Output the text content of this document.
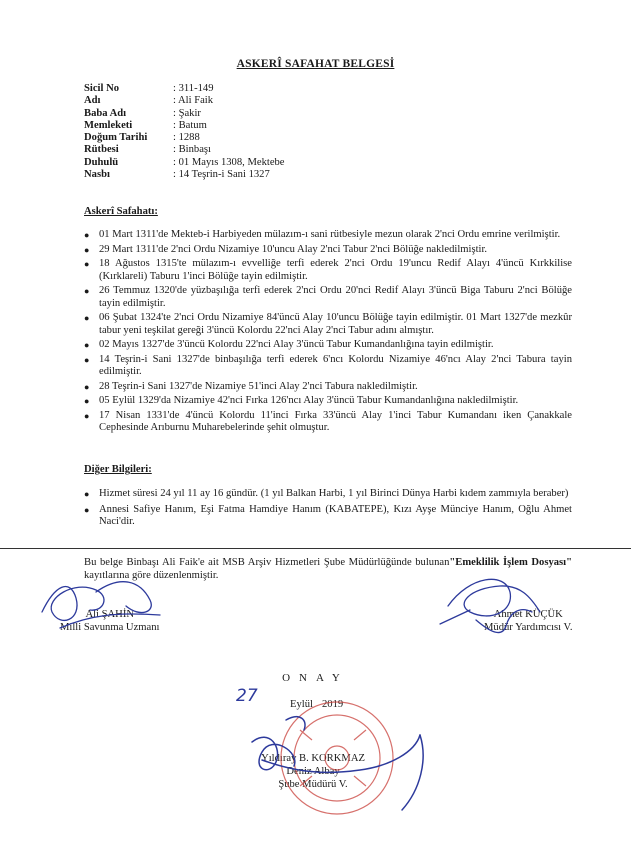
ASKERÎ SAFAHAT BELGESİ
Sicil No	: 311-149
Adı	: Ali Faik
Baba Adı	: Şakir
Memleketi	: Batum
Doğum Tarihi	: 1288
Rütbesi	: Binbaşı
Duhulü	: 01 Mayıs 1308, Mektebe
Nasbı	: 14 Teşrin-i Sani 1327
Askerî Safahatı:
● 01 Mart 1311'de Mekteb-i Harbiyeden mülazım-ı sani rütbesiyle mezun olarak 2'nci Ordu emrine verilmiştir.
● 29 Mart 1311'de 2'nci Ordu Nizamiye 10'uncu Alay 2'nci Tabur 2'nci Bölüğe nakledilmiştir.
● 18 Ağustos 1315'te mülazım-ı evvelliğe terfi ederek 2'nci Ordu 19'uncu Redif Alayı 4'üncü Kırkkilise (Kırklareli) Taburu 1'inci Bölüğe tayin edilmiştir.
● 26 Temmuz 1320'de yüzbaşılığa terfi ederek 2'nci Ordu 20'nci Redif Alayı 3'üncü Biga Taburu 2'nci Bölüğe tayin edilmiştir.
● 06 Şubat 1324'te 2'nci Ordu Nizamiye 84'üncü Alay 10'uncu Bölüğe tayin edilmiştir. 01 Mart 1327'de mezkûr tabur yeni teşkilat gereği 3'üncü Kolordu 22'nci Alay 2'nci Tabur adını almıştır.
● 02 Mayıs 1327'de 3'üncü Kolordu 22'nci Alay 3'üncü Tabur Kumandanlığına tayin edilmiştir.
● 14 Teşrin-i Sani 1327'de binbaşılığa terfi ederek 6'ncı Kolordu Nizamiye 46'ncı Alay 2'nci Tabura tayin edilmiştir.
● 28 Teşrin-i Sani 1327'de Nizamiye 51'inci Alay 2'nci Tabura nakledilmiştir.
● 05 Eylül 1329'da Nizamiye 42'nci Fırka 126'ncı Alay 3'üncü Tabur Kumandanlığına nakledilmiştir.
● 17 Nisan 1331'de 4'üncü Kolordu 11'inci Fırka 33'üncü Alay 1'inci Tabur Kumandanı iken Çanakkale Cephesinde Arıburnu Muharebelerinde şehit olmuştur.
Diğer Bilgileri:
● Hizmet süresi 24 yıl 11 ay 16 gündür. (1 yıl Balkan Harbi, 1 yıl Birinci Dünya Harbi kıdem zammıyla beraber)
● Annesi Safiye Hanım, Eşi Fatma Hamdiye Hanım (KABATEPE), Kızı Ayşe Münciye Hanım, Oğlu Ahmet Naci'dir.
Bu belge Binbaşı Ali Faik'e ait MSB Arşiv Hizmetleri Şube Müdürlüğünde bulunan"Emeklilik İşlem Dosyası" kayıtlarına göre düzenlenmiştir.
Ali ŞAHİN
Milli Savunma Uzmanı
Ahmet KÜÇÜK
Müdür Yardımcısı V.
ONAY
27	Eylül 2019
Yıldıray B. KORKMAZ
Deniz Albay
Şube Müdürü V.
